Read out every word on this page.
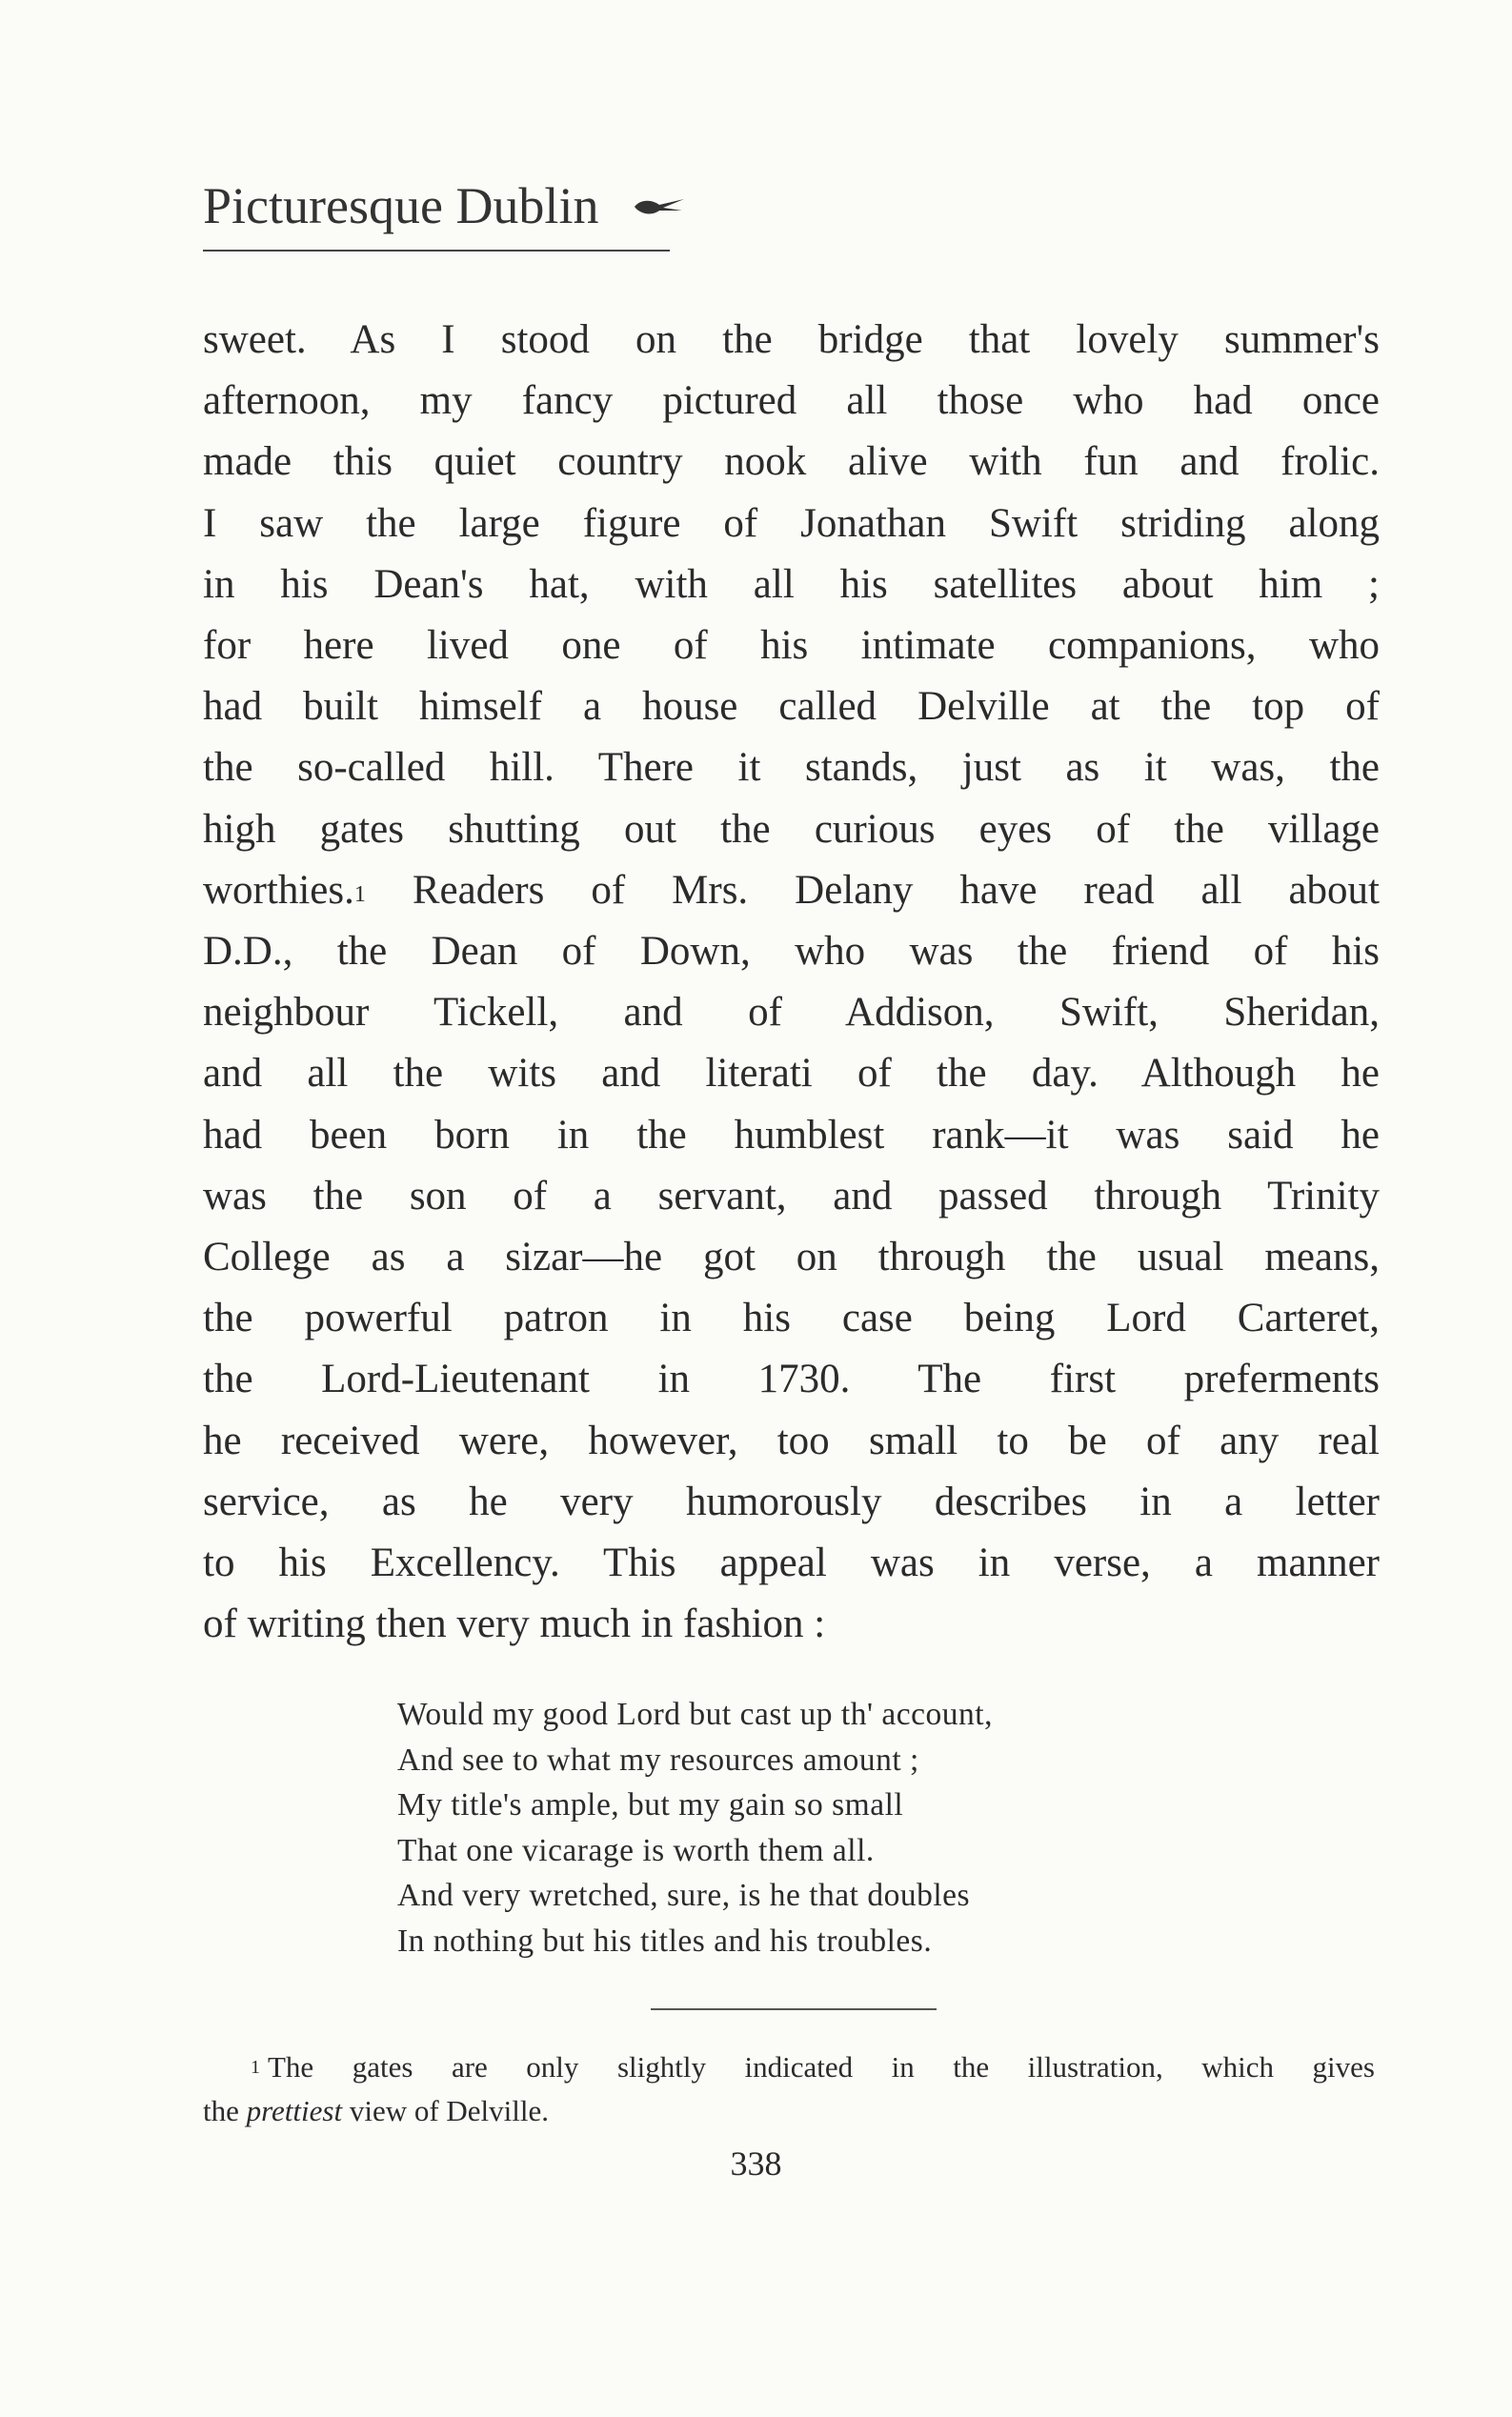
Picturesque Dublin
sweet. As I stood on the bridge that lovely summer's
afternoon, my fancy pictured all those who had once
made this quiet country nook alive with fun and frolic.
I saw the large figure of Jonathan Swift striding along
in his Dean's hat, with all his satellites about him ;
for here lived one of his intimate companions, who
had built himself a house called Delville at the top of
the so-called hill. There it stands, just as it was, the
high gates shutting out the curious eyes of the village
worthies.$^1$ Readers of Mrs. Delany have read all about
D.D., the Dean of Down, who was the friend of his
neighbour Tickell, and of Addison, Swift, Sheridan,
and all the wits and literati of the day. Although he
had been born in the humblest rank—it was said he
was the son of a servant, and passed through Trinity
College as a sizar—he got on through the usual means,
the powerful patron in his case being Lord Carteret,
the Lord-Lieutenant in 1730. The first preferments
he received were, however, too small to be of any real
service, as he very humorously describes in a letter
to his Excellency. This appeal was in verse, a manner
of writing then very much in fashion :
Would my good Lord but cast up th' account,
And see to what my resources amount ;
My title's ample, but my gain so small
That one vicarage is worth them all.
And very wretched, sure, is he that doubles
In nothing but his titles and his troubles.
$^1$ The gates are only slightly indicated in the illustration, which gives
the prettiest view of Delville.
338
